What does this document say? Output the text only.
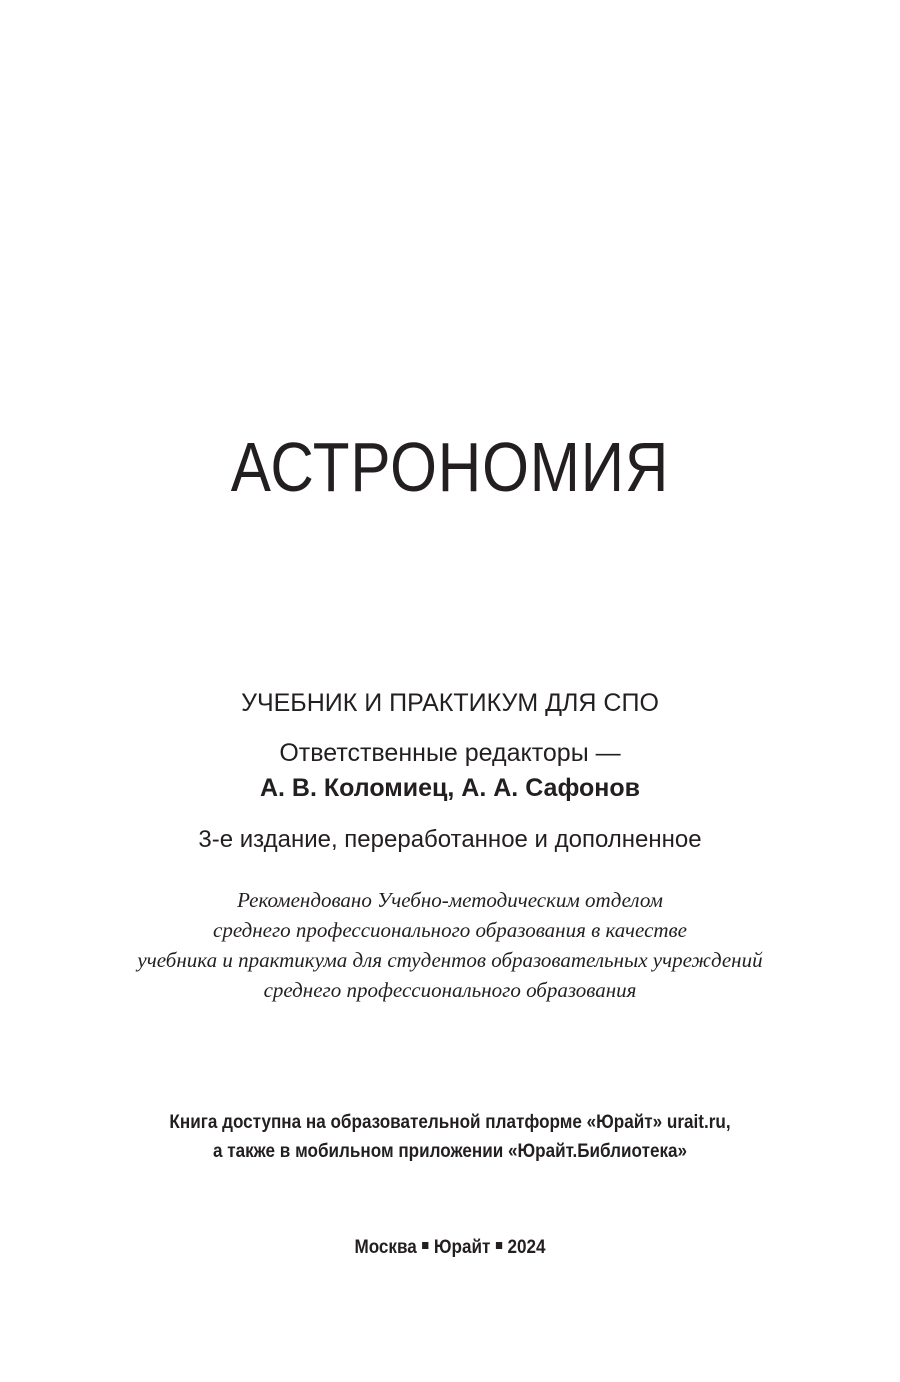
АСТРОНОМИЯ
УЧЕБНИК И ПРАКТИКУМ ДЛЯ СПО
Ответственные редакторы —
А. В. Коломиец, А. А. Сафонов
3-е издание, переработанное и дополненное
Рекомендовано Учебно-методическим отделом
среднего профессионального образования в качестве
учебника и практикума для студентов образовательных учреждений
среднего профессионального образования
Книга доступна на образовательной платформе «Юрайт» urait.ru,
а также в мобильном приложении «Юрайт.Библиотека»
Москва Юрайт 2024
